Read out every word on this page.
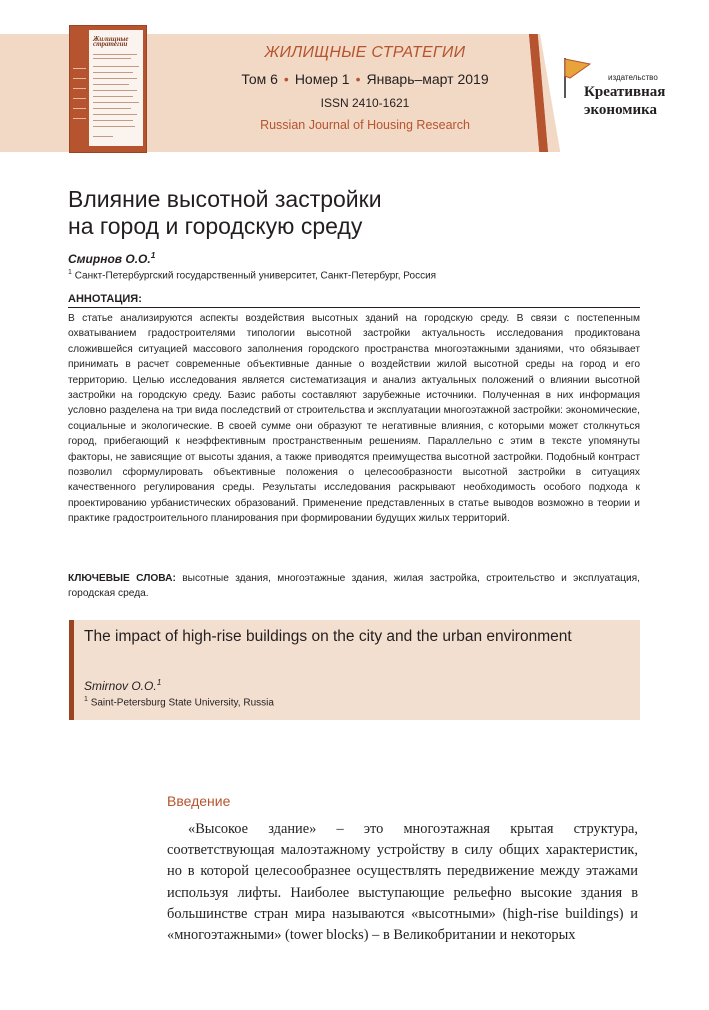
Жилищные стратегии	ЖИЛИЩНЫЕ СТРАТЕГИИ
Том 6 • Номер 1 • Январь–март 2019
ISSN 2410-1621
Russian Journal of Housing Research
издательство
Креативная
экономика
Влияние высотной застройки
на город и городскую среду
Смирнов О.О.$^1$
$^1$ Санкт-Петербургский государственный университет, Санкт-Петербург, Россия
АННОТАЦИЯ:
В статье анализируются аспекты воздействия высотных зданий на городскую среду. В связи с постепенным охватыванием градостроителями типологии высотной застройки актуальность исследования продиктована сложившейся ситуацией массового заполнения городского пространства многоэтажными зданиями, что обязывает принимать в расчет современные объективные данные о воздействии жилой высотной среды на город и его территорию. Целью исследования является систематизация и анализ актуальных положений о влиянии высотной застройки на городскую среду. Базис работы составляют зарубежные источники. Полученная в них информация условно разделена на три вида последствий от строительства и эксплуатации многоэтажной застройки: экономические, социальные и экологические. В своей сумме они образуют те негативные влияния, с которыми может столкнуться город, прибегающий к неэффективным пространственным решениям. Параллельно с этим в тексте упомянуты факторы, не зависящие от высоты здания, а также приводятся преимущества высотной застройки. Подобный контраст позволил сформулировать объективные положения о целесообразности высотной застройки в ситуациях качественного регулирования среды. Результаты исследования раскрывают необходимость особого подхода к проектированию урбанистических образований. Применение представленных в статье выводов возможно в теории и практике градостроительного планирования при формировании будущих жилых территорий.
КЛЮЧЕВЫЕ СЛОВА: высотные здания, многоэтажные здания, жилая застройка, строительство и эксплуатация, городская среда.
The impact of high-rise buildings on the city and the urban environment
Smirnov O.O.$^1$
$^1$ Saint-Petersburg State University, Russia
Введение
«Высокое здание» – это многоэтажная крытая структура, соответствующая малоэтажному устройству в силу общих характеристик, но в которой целесообразнее осуществлять передвижение между этажами используя лифты. Наиболее выступающие рельефно высокие здания в большинстве стран мира называются «высотными» (high-rise buildings) и «многоэтажными» (tower blocks) – в Великобритании и некоторых
